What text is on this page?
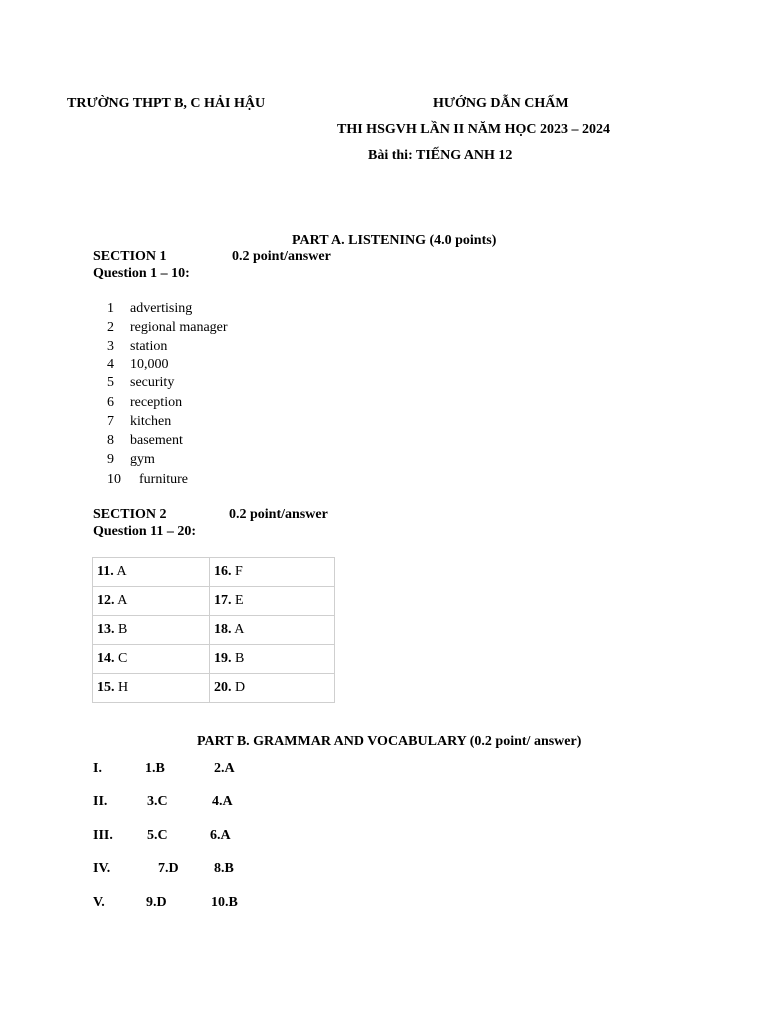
TRƯỜNG THPT B, C HẢI HẬU	HƯỚNG DẪN CHẤM
THI HSGVH LẦN II NĂM HỌC 2023 – 2024
Bài thi: TIẾNG ANH 12
PART A. LISTENING (4.0 points)
SECTION 1	0.2 point/answer
Question 1 – 10:
1	advertising
2	regional manager
3	station
4	10,000
5	security
6	reception
7	kitchen
8	basement
9	gym
10	furniture
SECTION 2	0.2 point/answer
Question 11 – 20:
11. A	16. F
12. A	17. E
13. B	18. A
14. C	19. B
15. H	20. D
PART B. GRAMMAR AND VOCABULARY (0.2 point/ answer)
I.	1.B	2.A
II.	3.C	4.A
III. 5.C	6.A
IV.	7.D	8.B
V.	9.D	10.B
